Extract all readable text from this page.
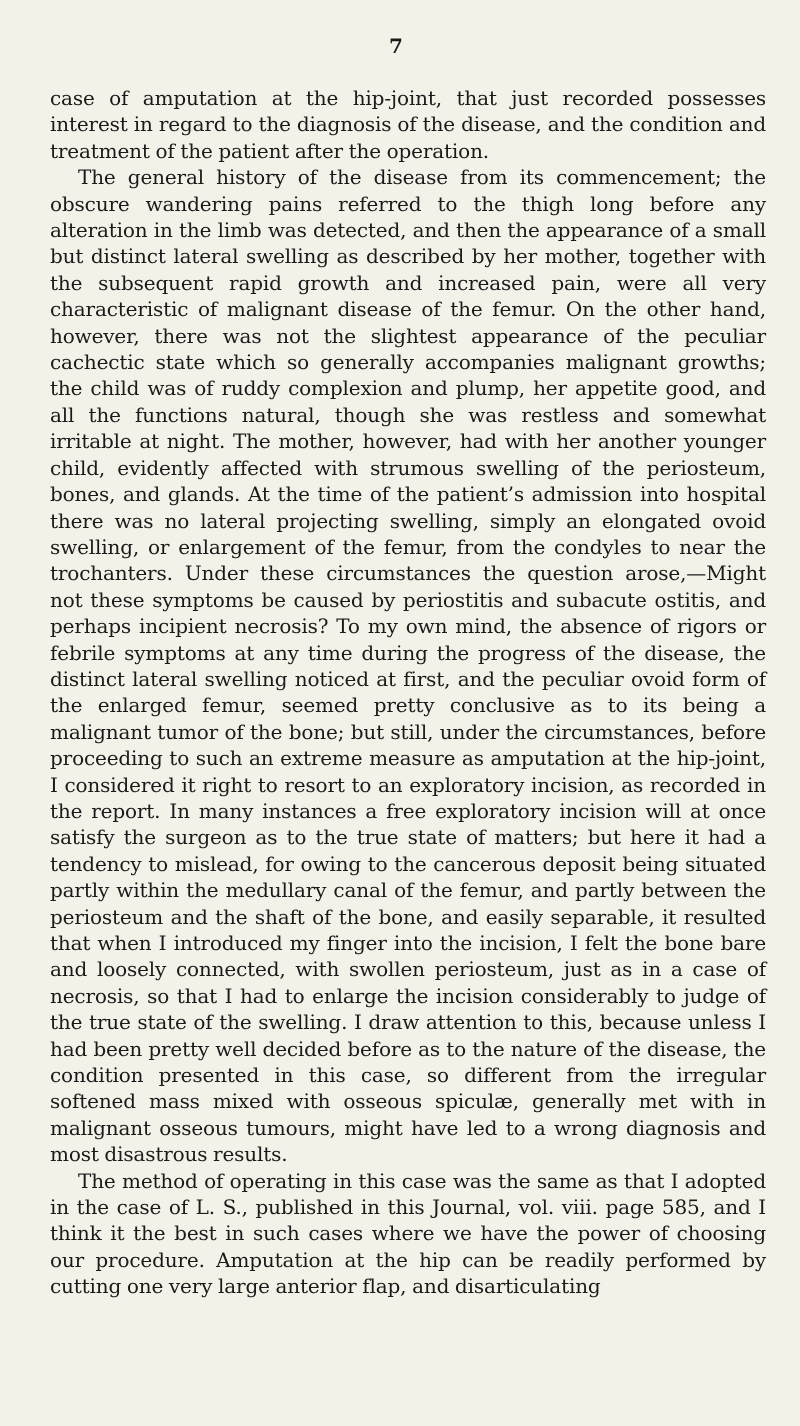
7

case of amputation at the hip-joint, that just recorded possesses interest in regard to the diagnosis of the disease, and the condition and treatment of the patient after the operation.

The general history of the disease from its commencement; the obscure wandering pains referred to the thigh long before any alteration in the limb was detected, and then the appearance of a small but distinct lateral swelling as described by her mother, together with the subsequent rapid growth and increased pain, were all very characteristic of malignant disease of the femur. On the other hand, however, there was not the slightest appearance of the peculiar cachectic state which so generally accompanies malignant growths; the child was of ruddy complexion and plump, her appetite good, and all the functions natural, though she was restless and somewhat irritable at night. The mother, however, had with her another younger child, evidently affected with strumous swelling of the periosteum, bones, and glands. At the time of the patient’s admission into hospital there was no lateral projecting swelling, simply an elongated ovoid swelling, or enlargement of the femur, from the condyles to near the trochanters. Under these circumstances the question arose,—Might not these symptoms be caused by periostitis and subacute ostitis, and perhaps incipient necrosis? To my own mind, the absence of rigors or febrile symptoms at any time during the progress of the disease, the distinct lateral swelling noticed at first, and the peculiar ovoid form of the enlarged femur, seemed pretty conclusive as to its being a malignant tumor of the bone; but still, under the circumstances, before proceeding to such an extreme measure as amputation at the hip-joint, I considered it right to resort to an exploratory incision, as recorded in the report. In many instances a free exploratory incision will at once satisfy the surgeon as to the true state of matters; but here it had a tendency to mislead, for owing to the cancerous deposit being situated partly within the medullary canal of the femur, and partly between the periosteum and the shaft of the bone, and easily separable, it resulted that when I introduced my finger into the incision, I felt the bone bare and loosely connected, with swollen periosteum, just as in a case of necrosis, so that I had to enlarge the incision considerably to judge of the true state of the swelling. I draw attention to this, because unless I had been pretty well decided before as to the nature of the disease, the condition presented in this case, so different from the irregular softened mass mixed with osseous spiculæ, generally met with in malignant osseous tumours, might have led to a wrong diagnosis and most disastrous results.

The method of operating in this case was the same as that I adopted in the case of L. S., published in this Journal, vol. viii. page 585, and I think it the best in such cases where we have the power of choosing our procedure. Amputation at the hip can be readily performed by cutting one very large anterior flap, and disarticulating
